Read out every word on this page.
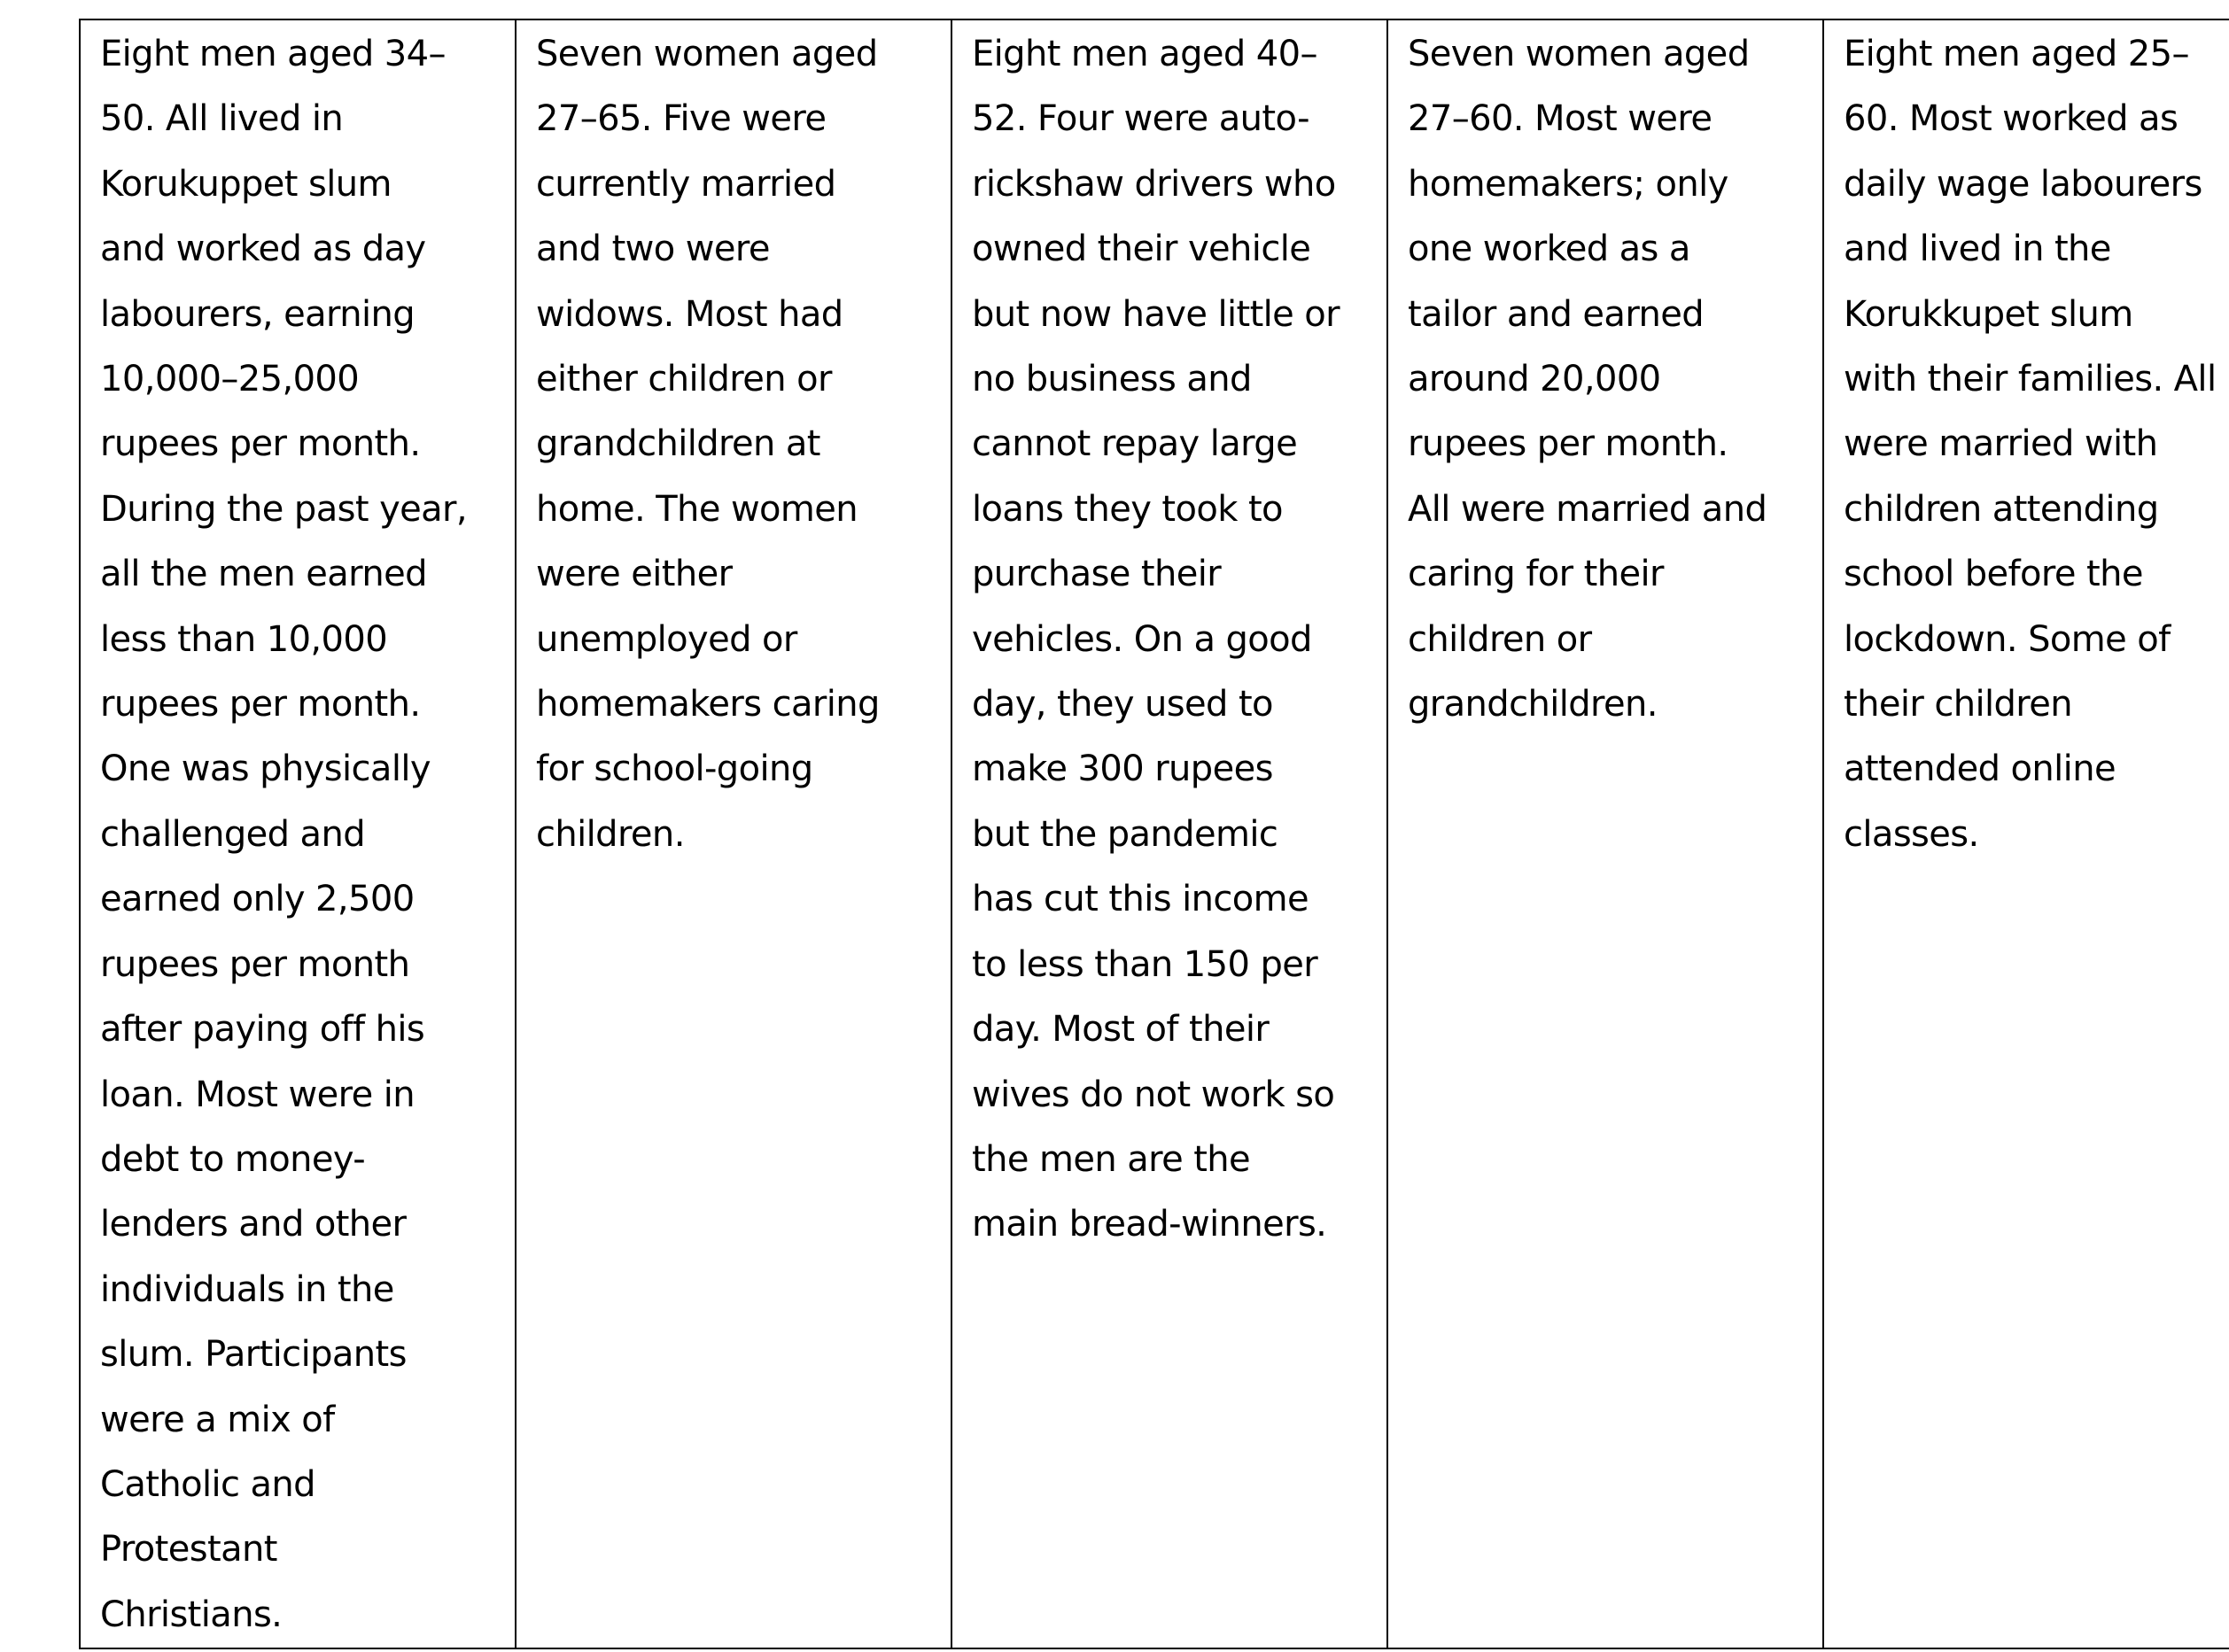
Eight men aged 34–
50. All lived in
Korukuppet slum
and worked as day
labourers, earning
10,000–25,000
rupees per month.
During the past year,
all the men earned
less than 10,000
rupees per month.
One was physically
challenged and
earned only 2,500
rupees per month
after paying off his
loan. Most were in
debt to money-
lenders and other
individuals in the
slum. Participants
were a mix of
Catholic and
Protestant
Christians.

Seven women aged
27–65. Five were
currently married
and two were
widows. Most had
either children or
grandchildren at
home. The women
were either
unemployed or
homemakers caring
for school-going
children.

Eight men aged 40–
52. Four were auto-
rickshaw drivers who
owned their vehicle
but now have little or
no business and
cannot repay large
loans they took to
purchase their
vehicles. On a good
day, they used to
make 300 rupees
but the pandemic
has cut this income
to less than 150 per
day. Most of their
wives do not work so
the men are the
main bread-winners.

Seven women aged
27–60. Most were
homemakers; only
one worked as a
tailor and earned
around 20,000
rupees per month.
All were married and
caring for their
children or
grandchildren.

Eight men aged 25–
60. Most worked as
daily wage labourers
and lived in the
Korukkupet slum
with their families. All
were married with
children attending
school before the
lockdown. Some of
their children
attended online
classes.
